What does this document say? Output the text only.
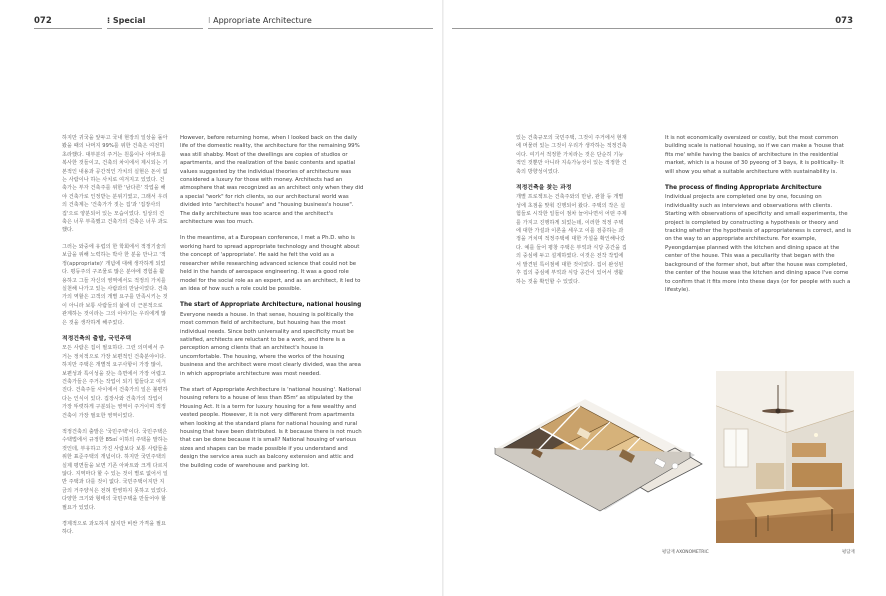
072	⁝ Special	⁝ Appropriate Architecture	073

하지만 귀국을 앞두고 국내 현장의 일상을 돌아봤을 때의 나머지 99%를 위한 건축은 여전히 초라했다. 대부분의 주거는 원룸이나 아파트를 복사한 것들이고, 건축의 차이에서 제시되는 기본적인 내용과 공간적인 가치의 실현은 돈이 없는 사람이나 하는 사치로 여겨지고 있었다. 건축가는 부자 건축주를 위한 '남다른' 작업을 해야 건축가로 인정받는 분위기였고, 그래서 우리의 건축계는 '건축가가 짓는 집'과 '집장사의 집'으로 양분되어 있는 모습이었다. 일상의 건축은 너무 부족했고 건축가의 건축은 너무 과도했다.

그러는 와중에 유럽의 한 학회에서 적정기술의 보급을 위해 노력하는 박사 한 분을 만나고 '적정(appropriate)' 개념에 대해 생각하게 되었다. 평등주의 구조물로 많은 분야에 경험을 활용하고 그들 자신의 영역에서도 적정의 가치를 실천해 나가고 있는 사람과의 만남이었다. 건축가의 역할은 고객의 개별 요구를 만족시키는 것이 아니라 보통 사람들의 삶에 더 근본적으로 관계하는 것이라는 그의 이야기는 우리에게 많은 것을 생각하게 해주었다.

적정건축의 출발, 국민주택

모든 사람은 집이 필요하다. 그런 의미에서 주거는 정치적으로 가장 보편적인 건축분야이다. 하지만 주택은 개별적 요구사항이 가장 많이, 보편성과 특이성을 갖는 측면에서 가장 어렵고 건축가들은 주거는 작업이 되기 힘들다고 여겨진다. 건축주들 사이에서 건축가의 일은 불편하다는 인식이 있다. 집장사와 건축가의 작업이 가장 뚜렷하게 구분되는 영역이 주거이며 적정건축이 가장 필요한 영역이었다.

적정건축의 출발은 '국민주택'이다. 국민주택은 수택법에서 규정한 85㎡ 이하의 주택을 말하는 것인데, 부유하고 가진 사람보다 보통 사람들을 위한 표준주택의 개념이다. 하지만 국민주택의 실제 평면들을 보면 기존 아파트와 크게 다르지 않다. 지역마다 할 수 있는 것이 별로 없어서 일반 주택과 다를 것이 없다. 국민주택이지만 지금의 거주양식은 전혀 반영하지 못하고 있었다. 다양한 크기와 형태의 국민주택을 만들어야 할 필요가 있었다.

경제적으로 과도하지 않지만 비싼 가격을 필요하다.

However, before returning home, when I looked back on the daily life of the domestic reality, the architecture for the remaining 99% was still shabby. Most of the dwellings are copies of studios or apartments, and the realization of the basic contents and spatial values suggested by the individual theories of architecture was considered a luxury for those with money. Architects had an atmosphere that was recognized as an architect only when they did a special "work" for rich clients, so our architectural world was divided into "architect's house" and "housing business's house". The daily architecture was too scarce and the architect's architecture was too much.

In the meantime, at a European conference, I met a Ph.D. who is working hard to spread appropriate technology and thought about the concept of 'appropriate'. He said he felt the void as a researcher while researching advanced science that could not be held in the hands of aerospace engineering. It was a good role model for the social role as an expert, and as an architect, it led to an idea of how such a role could be possible.

The start of Appropriate Architecture, national housing

Everyone needs a house. In that sense, housing is politically the most common field of architecture, but housing has the most individual needs. Since both universality and specificity must be satisfied, architects are reluctant to be a work, and there is a perception among clients that an architect's house is uncomfortable. The housing, where the works of the housing business and the architect were most clearly divided, was the area in which appropriate architecture was most needed.

The start of Appropriate Architecture is 'national housing'. National housing refers to a house of less than 85m² as stipulated by the Housing Act. It is a term for luxury housing for a few wealthy and vested people. However, it is not very different from apartments when looking at the standard plans for national housing and rural housing that have been distributed. Is it because there is not much that can be done because it is small? National housing of various sizes and shapes can be made possible if you understand and design the service area such as balcony extension and attic and the building code of warehouse and parking lot.

있는 건축규모의 국민주택, 그것이 주거에서 현재에 머물러 있는 그것이 우리가 생각하는 적정건축이다. 여기서 적정한 가치라는 것은 단순히 기능적인 것뿐만 아니라 지속가능성이 있는 적정한 건축의 방향성이었다.

적정건축을 찾는 과정

개별 프로젝트는 건축주와의 만남, 관찰 등 개별성에 초점을 맞춰 진행되어 왔다. 주택의 작은 실험들로 시작한 일들이 점차 늘어나면서 어떤 주제를 가지고 진행하게 되었는데, 이러한 적정 주택에 대한 가설과 이론을 세우고 이를 검증하는 과정을 거치며 적정주택에 대한 가설을 확인해나갔다. 예를 들어 평창 주택은 부엌과 식당 공간을 집의 중심에 두고 설계하였다. 이것은 전작 작업에서 발견된 특이점에 대한 것이었다. 집이 완성된 후 집의 중심에 부엌과 식당 공간이 있어서 생활하는 것을 확인할 수 있었다.

It is not economically oversized or costly, but the most common building scale is national housing, so if we can make a 'house that fits me' while having the basics of architecture in the residential market, which is a house of 30 pyeong of 3 bays, it is politically- It will show you what a suitable architecture with sustainability is.

The process of finding Appropriate Architecture

Individual projects are completed one by one, focusing on individuality such as interviews and observations with clients. Starting with observations of specificity and small experiments, the project is completed by constructing a hypothesis or theory and tracking whether the hypothesis of appropriateness is correct, and is on the way to an appropriate architecture. For example, Pyeongdamjae planned with the kitchen and dining space at the center of the house. This was a peculiarity that began with the background of the former shot, but after the house was completed, the center of the house was the kitchen and dining space I've come to confirm that it fits more into these days (or for people with such a lifestyle).

평담재 AXONOMETRIC	평담재
